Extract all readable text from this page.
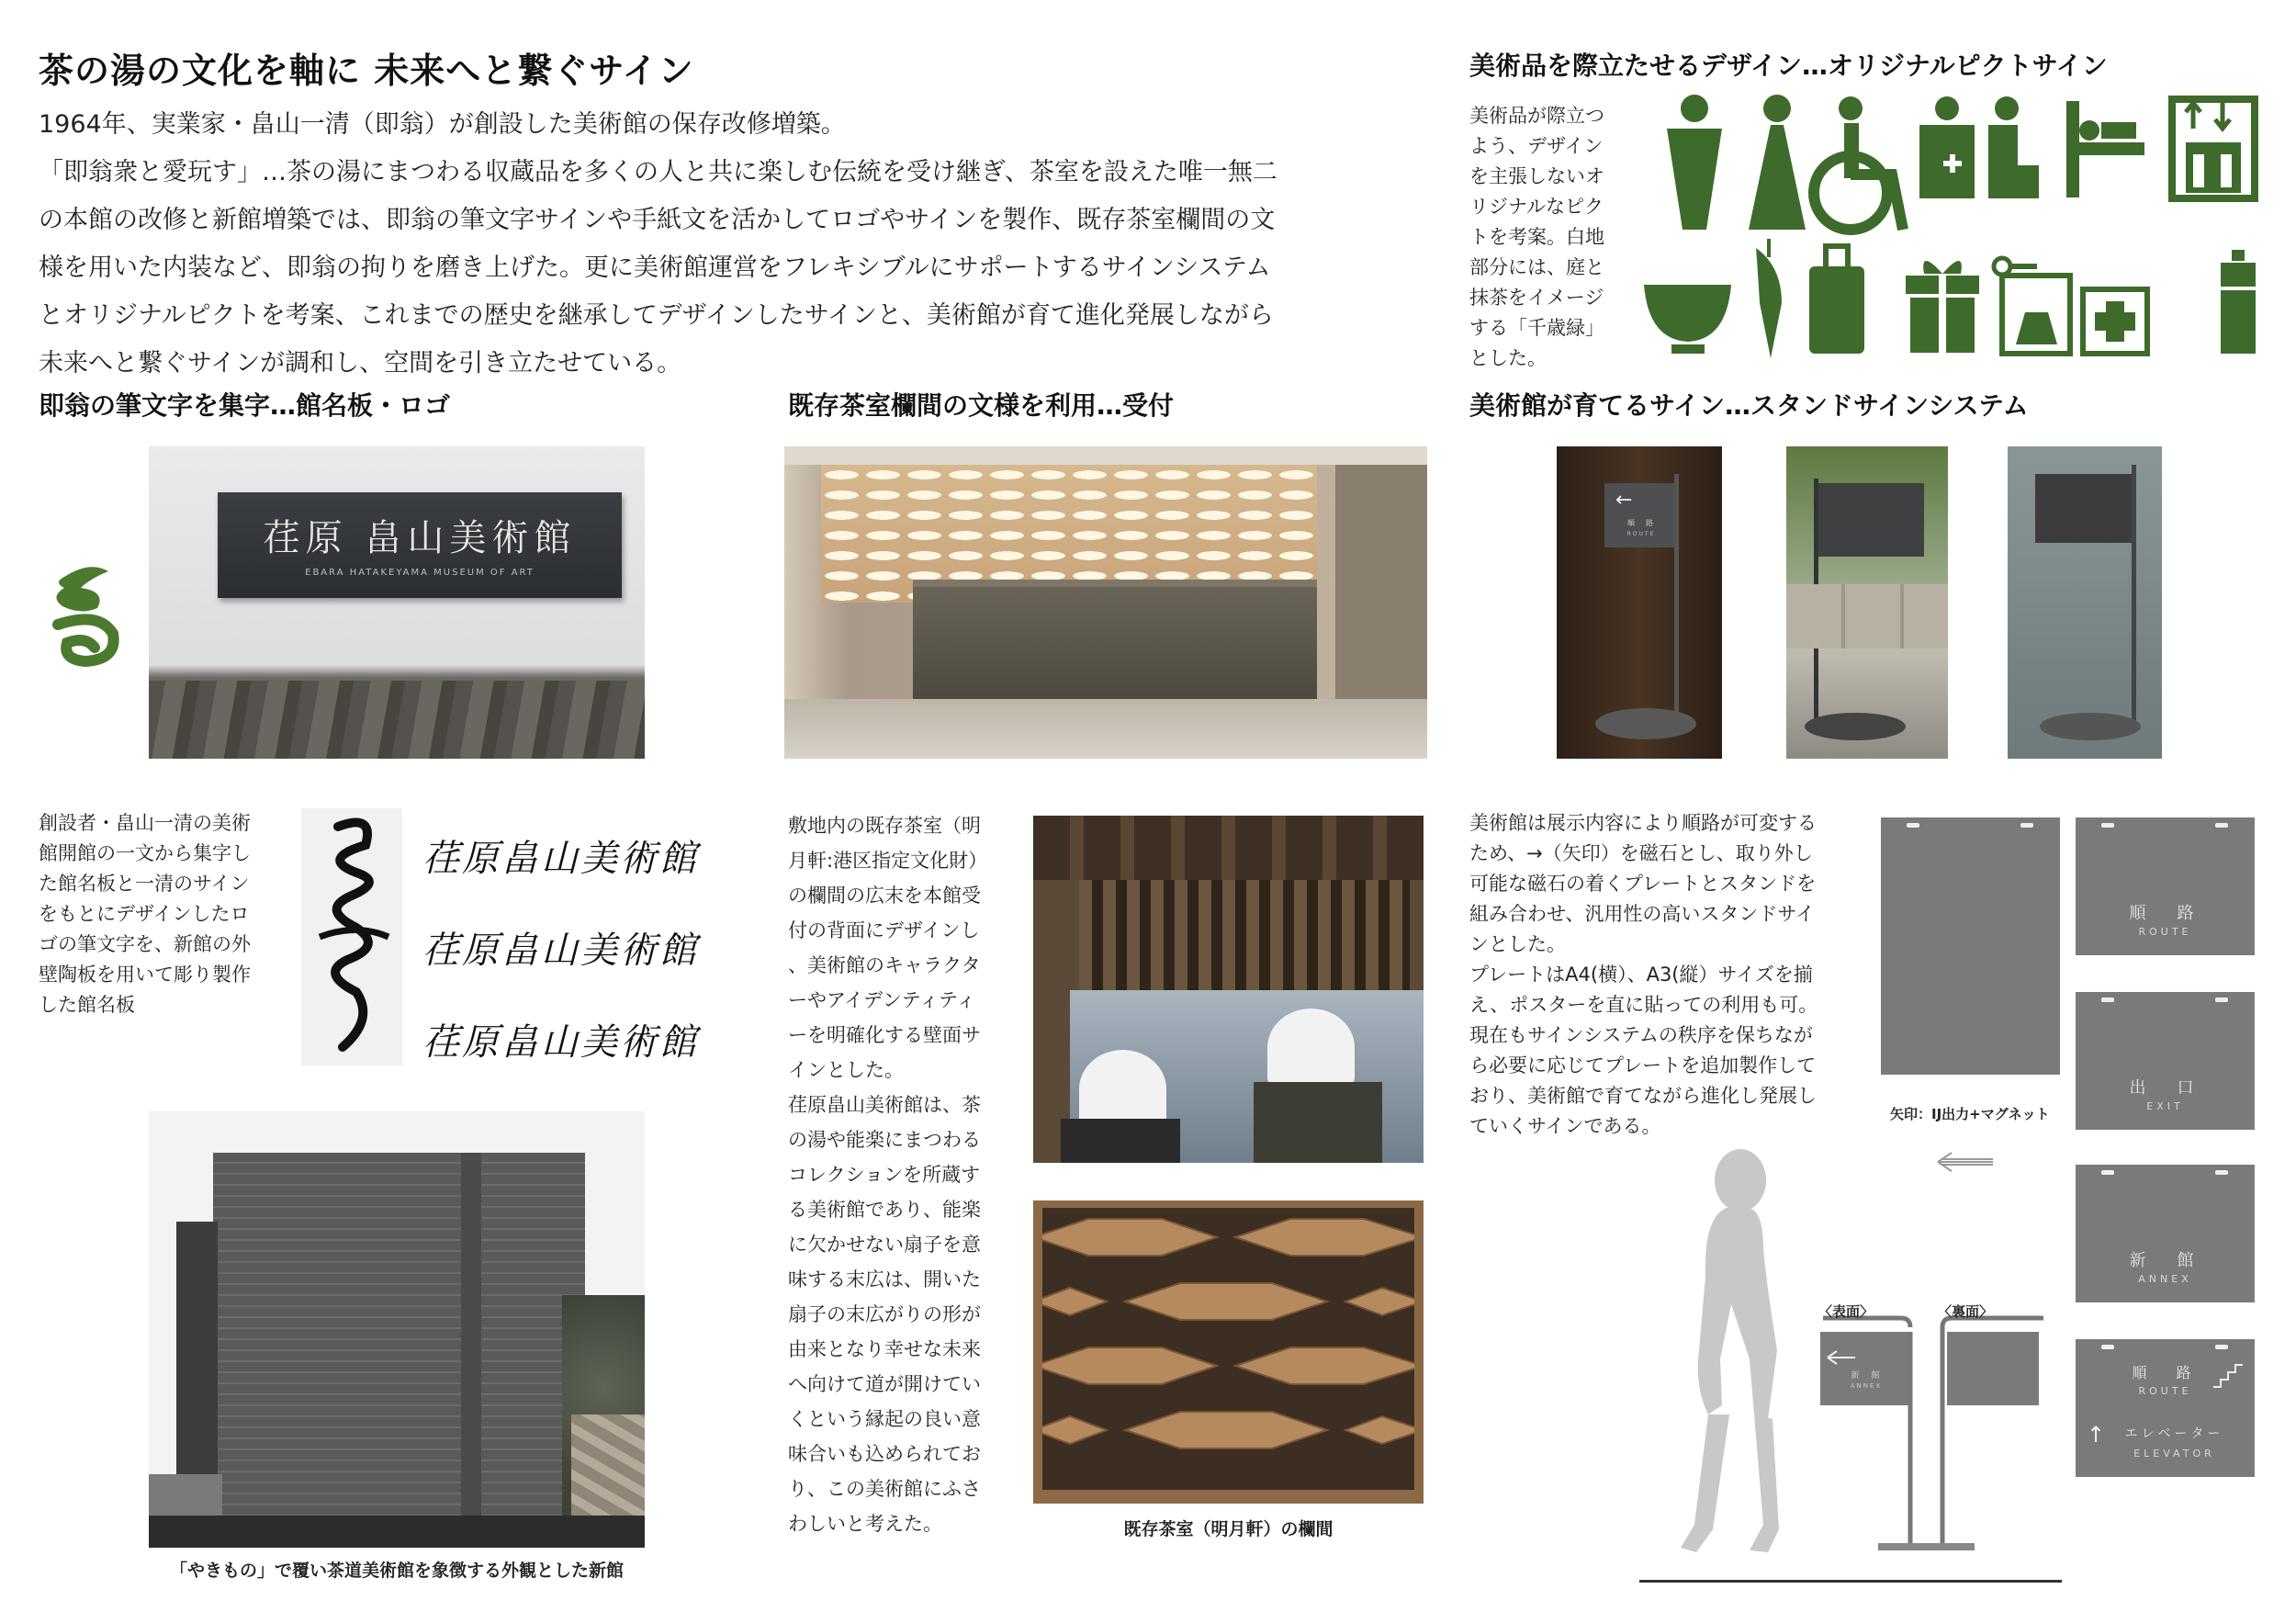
茶の湯の文化を軸に 未来へと繋ぐサイン

1964年、実業家・畠山一清（即翁）が創設した美術館の保存改修増築。

「即翁衆と愛玩す」…茶の湯にまつわる収蔵品を多くの人と共に楽しむ伝統を受け継ぎ、茶室を設えた唯一無二

の本館の改修と新館増築では、即翁の筆文字サインや手紙文を活かしてロゴやサインを製作、既存茶室欄間の文

様を用いた内装など、即翁の拘りを磨き上げた。更に美術館運営をフレキシブルにサポートするサインシステム

とオリジナルピクトを考案、これまでの歴史を継承してデザインしたサインと、美術館が育て進化発展しながら

未来へと繋ぐサインが調和し、空間を引き立たせている。

美術品を際立たせるデザイン…オリジナルピクトサイン
美術品が際立つ
よう、デザイン
を主張しないオ
リジナルなピク
トを考案。白地
部分には、庭と
抹茶をイメージ
する「千歳緑」
とした。
即翁の筆文字を集字…館名板・ロゴ	既存茶室欄間の文様を利用…受付	美術館が育てるサイン…スタンドサインシステム
荏原 畠山美術館
EBARA HATAKEYAMA MUSEUM OF ART
創設者・畠山一清の美術
館開館の一文から集字し
た館名板と一清のサイン
をもとにデザインしたロ
ゴの筆文字を、新館の外
壁陶板を用いて彫り製作
した館名板
荏原畠山美術館
荏原畠山美術館
荏原畠山美術館
「やきもの」で覆い茶道美術館を象徴する外観とした新館
敷地内の既存茶室（明
月軒:港区指定文化財）
の欄間の広末を本館受
付の背面にデザインし
、美術館のキャラクタ
ーやアイデンティティ
ーを明確化する壁面サ
インとした。
荏原畠山美術館は、茶
の湯や能楽にまつわる
コレクションを所蔵す
る美術館であり、能楽
に欠かせない扇子を意
味する末広は、開いた
扇子の末広がりの形が
由来となり幸せな未来
へ向けて道が開けてい
くという縁起の良い意
味合いも込められてお
り、この美術館にふさ
わしいと考えた。	既存茶室（明月軒）の欄間
←
順　路
ROUTE
美術館は展示内容により順路が可変する
ため、→（矢印）を磁石とし、取り外し
可能な磁石の着くプレートとスタンドを
組み合わせ、汎用性の高いスタンドサイ
ンとした。
プレートはA4(横）、A3(縦）サイズを揃
え、ポスターを直に貼っての利用も可。
現在もサインシステムの秩序を保ちなが
ら必要に応じてプレートを追加製作して
おり、美術館で育てながら進化し発展し
ていくサインである。
矢印：IJ出力+マグネット
順　路
ROUTE
出　口
EXIT
新　館
ANNEX
順　路
ROUTE
↑	エレベーター
ELEVATOR
〈表面〉	〈裏面〉
新　館
ANNEX
